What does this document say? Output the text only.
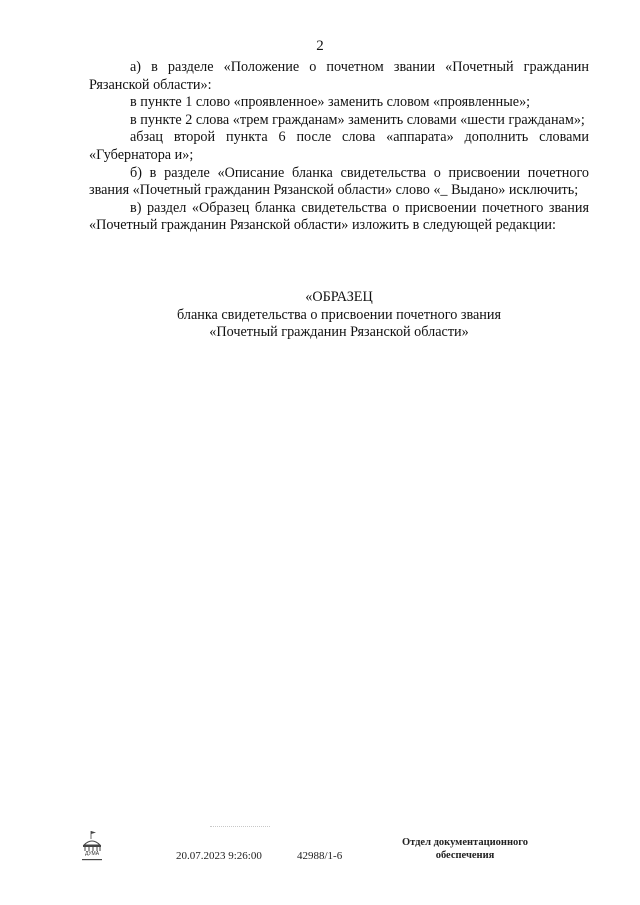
2

а) в разделе «Положение о почетном звании «Почетный гражданин Рязанской области»:

в пункте 1 слово «проявленное» заменить словом «проявленные»;

в пункте 2 слова «трем гражданам» заменить словами «шести гражданам»;

абзац второй пункта 6 после слова «аппарата» дополнить словами «Губернатора и»;

б) в разделе «Описание бланка свидетельства о присвоении почетного звания «Почетный гражданин Рязанской области» слово «_ Выдано» исключить;

в) раздел «Образец бланка свидетельства о присвоении почетного звания «Почетный гражданин Рязанской области» изложить в следующей редакции:

«ОБРАЗЕЦ
бланка свидетельства о присвоении почетного звания
«Почетный гражданин Рязанской области»
ДУМА	20.07.2023 9:26:00	42988/1-6
Отдел документационного
обеспечения
